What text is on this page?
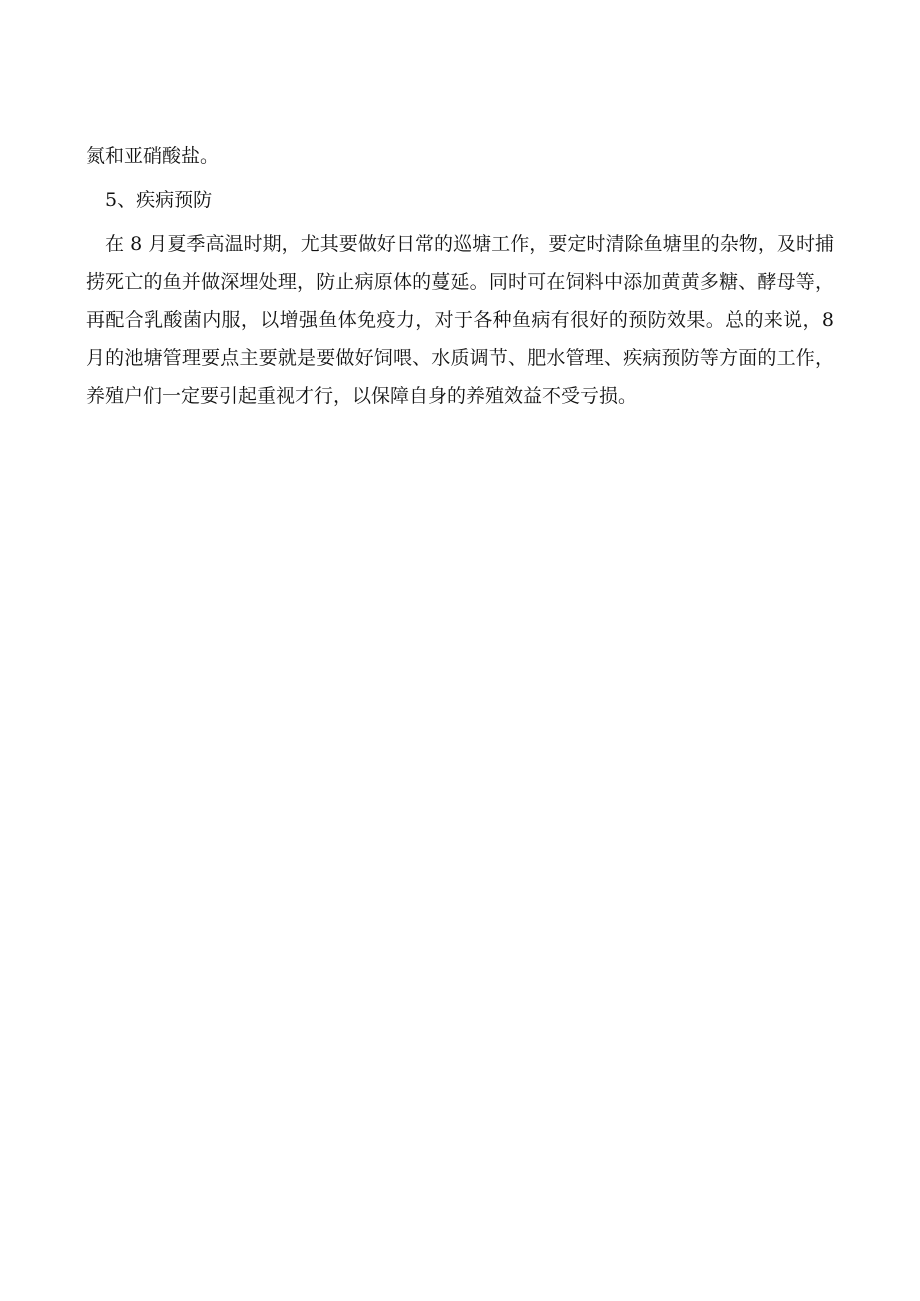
氮和亚硝酸盐。

5、疾病预防

在 8 月夏季高温时期，尤其要做好日常的巡塘工作，要定时清除鱼塘里的杂物，及时捕捞死亡的鱼并做深埋处理，防止病原体的蔓延。同时可在饲料中添加黄黄多糖、酵母等，再配合乳酸菌内服，以增强鱼体免疫力，对于各种鱼病有很好的预防效果。总的来说，8 月的池塘管理要点主要就是要做好饲喂、水质调节、肥水管理、疾病预防等方面的工作，养殖户们一定要引起重视才行，以保障自身的养殖效益不受亏损。
